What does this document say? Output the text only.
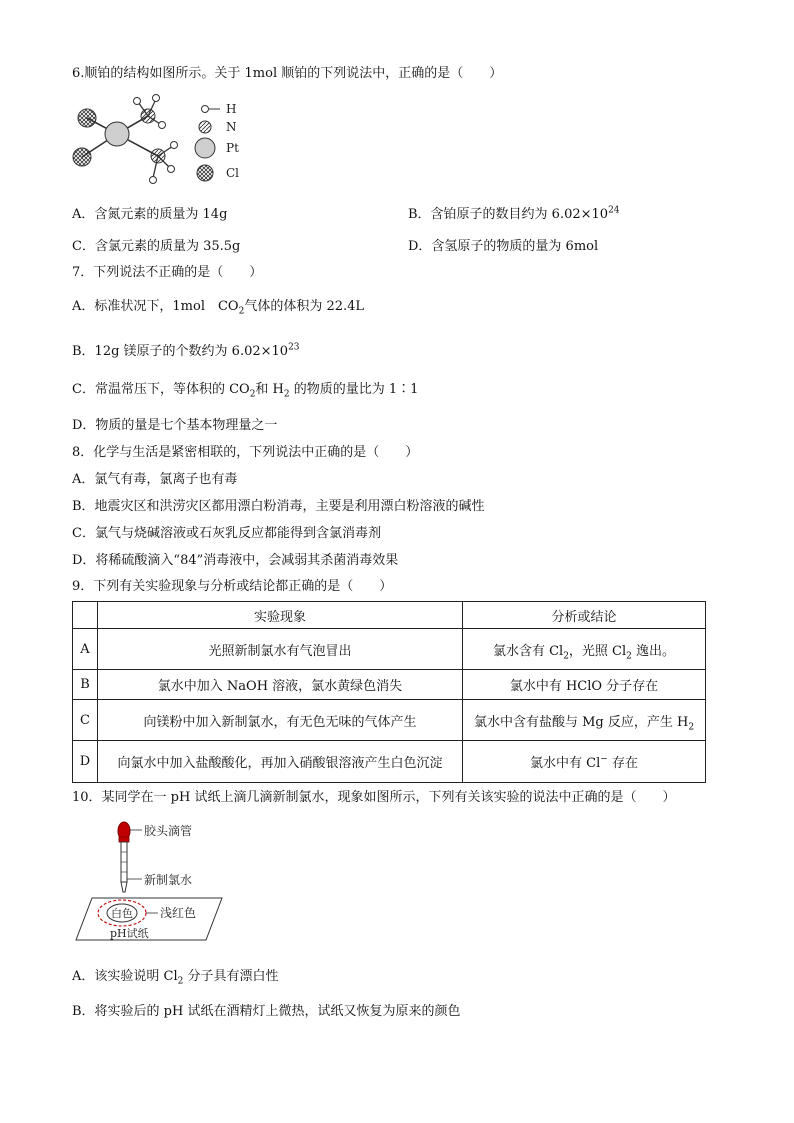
6.顺铂的结构如图所示。关于 1mol 顺铂的下列说法中，正确的是（　　）
H
N
Pt
Cl
A．含氮元素的质量为 14g	B．含铂原子的数目约为 $6.02\times 10^{24}$
C．含氯元素的质量为 35.5g	D．含氢原子的物质的量为 6mol
7．下列说法不正确的是（　　）
A．标准状况下，1mol　$CO_2$气体的体积为 22.4L
B．12g 镁原子的个数约为 $6.02\times 10^{23}$
C．常温常压下，等体积的 $CO_2$和 $H_2$ 的物质的量比为 1∶1
D．物质的量是七个基本物理量之一
8．化学与生活是紧密相联的，下列说法中正确的是（　　）
A．氯气有毒，氯离子也有毒
B．地震灾区和洪涝灾区都用漂白粉消毒，主要是利用漂白粉溶液的碱性
C．氯气与烧碱溶液或石灰乳反应都能得到含氯消毒剂
D．将稀硫酸滴入“84”消毒液中，会减弱其杀菌消毒效果
9．下列有关实验现象与分析或结论都正确的是（　　）
	实验现象	分析或结论
A	光照新制氯水有气泡冒出	氯水含有 $Cl_2$，光照 $Cl_2$ 逸出。
B	氯水中加入 NaOH 溶液，氯水黄绿色消失	氯水中有 HClO 分子存在
C	向镁粉中加入新制氯水，有无色无味的气体产生	氯水中含有盐酸与 Mg 反应，产生 $H_2$
D	向氯水中加入盐酸酸化，再加入硝酸银溶液产生白色沉淀	氯水中有 Cl− 存在
10．某同学在一 pH 试纸上滴几滴新制氯水，现象如图所示，下列有关该实验的说法中正确的是（　　）
胶头滴管
新制氯水
白色 浅红色
pH试纸
A．该实验说明 $Cl_2$ 分子具有漂白性
B．将实验后的 pH 试纸在酒精灯上微热，试纸又恢复为原来的颜色
